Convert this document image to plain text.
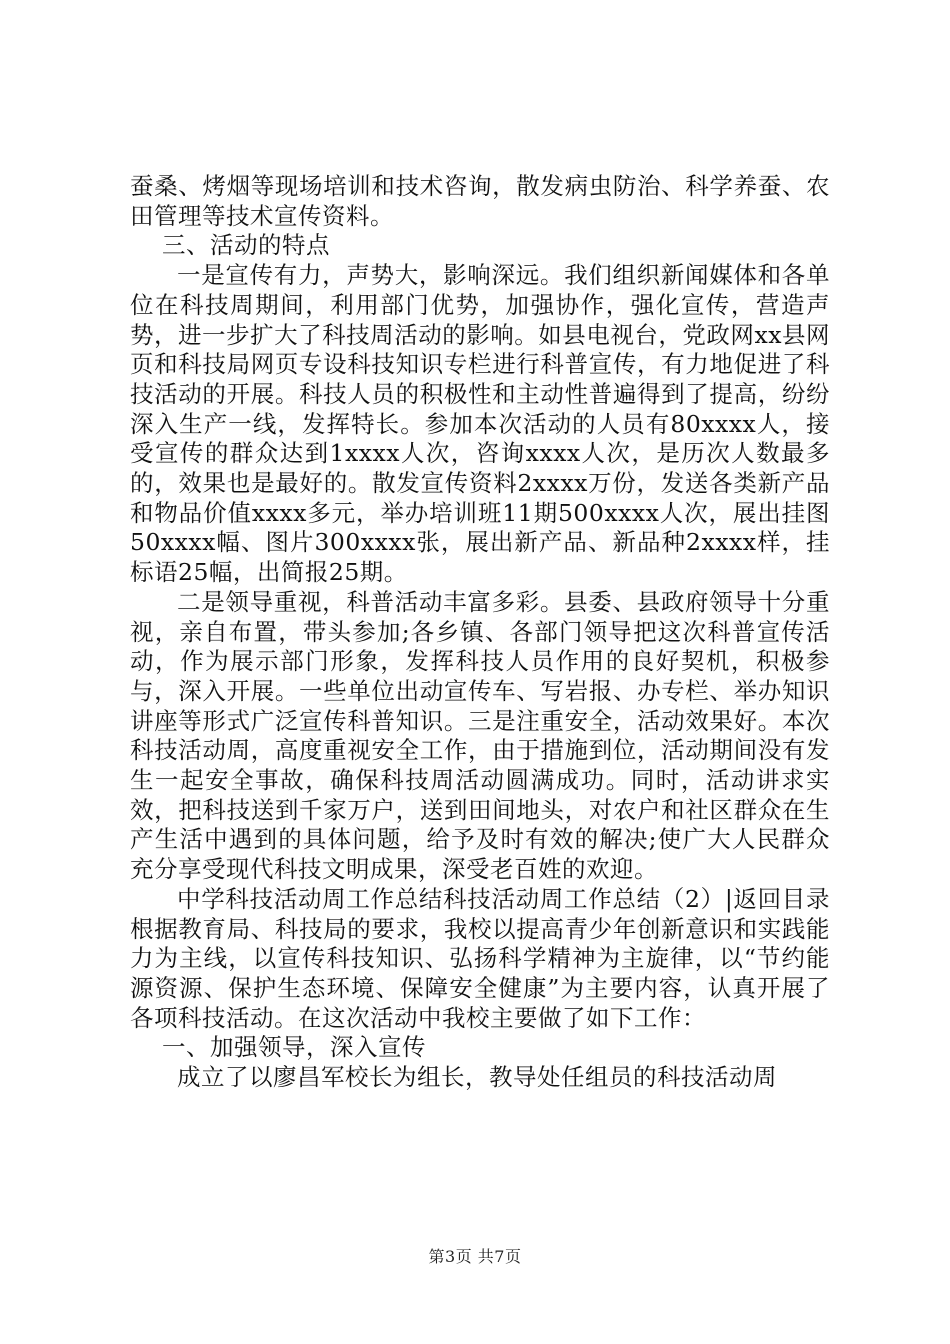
蚕桑、烤烟等现场培训和技术咨询，散发病虫防治、科学养蚕、农田管理等技术宣传资料。

三、活动的特点

一是宣传有力，声势大，影响深远。我们组织新闻媒体和各单位在科技周期间，利用部门优势，加强协作，强化宣传，营造声势，进一步扩大了科技周活动的影响。如县电视台，党政网xx县网页和科技局网页专设科技知识专栏进行科普宣传，有力地促进了科技活动的开展。科技人员的积极性和主动性普遍得到了提高，纷纷深入生产一线，发挥特长。参加本次活动的人员有80xxxx人，接受宣传的群众达到1xxxx人次，咨询xxxx人次，是历次人数最多的，效果也是最好的。散发宣传资料2xxxx万份，发送各类新产品和物品价值xxxx多元，举办培训班11期500xxxx人次，展出挂图50xxxx幅、图片300xxxx张，展出新产品、新品种2xxxx样，挂标语25幅，出简报25期。

二是领导重视，科普活动丰富多彩。县委、县政府领导十分重视，亲自布置，带头参加;各乡镇、各部门领导把这次科普宣传活动，作为展示部门形象，发挥科技人员作用的良好契机，积极参与，深入开展。一些单位出动宣传车、写岩报、办专栏、举办知识讲座等形式广泛宣传科普知识。三是注重安全，活动效果好。本次科技活动周，高度重视安全工作，由于措施到位，活动期间没有发生一起安全事故，确保科技周活动圆满成功。同时，活动讲求实效，把科技送到千家万户，送到田间地头，对农户和社区群众在生产生活中遇到的具体问题，给予及时有效的解决;使广大人民群众充分享受现代科技文明成果，深受老百姓的欢迎。

中学科技活动周工作总结科技活动周工作总结（2）|返回目录根据教育局、科技局的要求，我校以提高青少年创新意识和实践能力为主线，以宣传科技知识、弘扬科学精神为主旋律，以“节约能源资源、保护生态环境、保障安全健康”为主要内容，认真开展了各项科技活动。在这次活动中我校主要做了如下工作：

一、加强领导，深入宣传

成立了以廖昌军校长为组长，教导处任组员的科技活动周

第3页 共7页
